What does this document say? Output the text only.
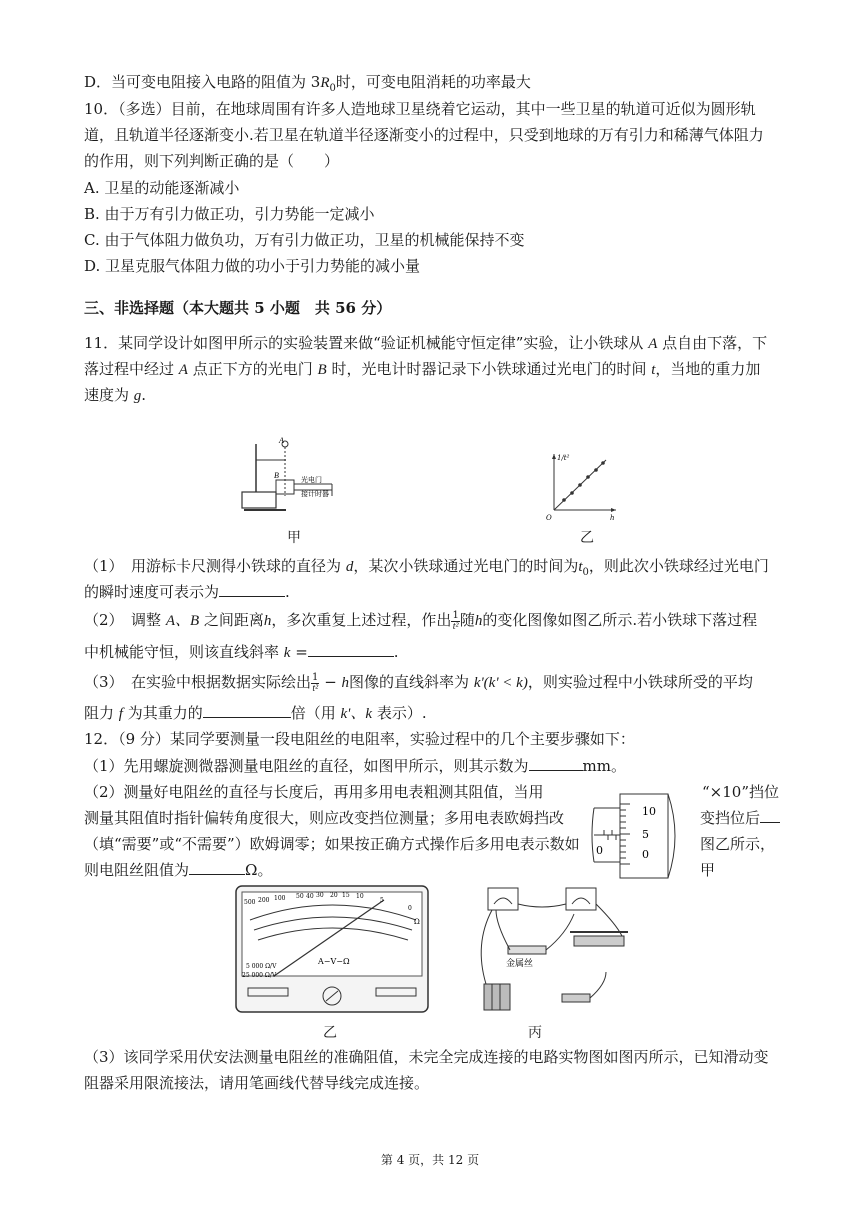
D．当可变电阻接入电路的阻值为 $3R_0$时，可变电阻消耗的功率最大
10．（多选）目前，在地球周围有许多人造地球卫星绕着它运动，其中一些卫星的轨道可近似为圆形轨
道，且轨道半径逐渐变小.若卫星在轨道半径逐渐变小的过程中，只受到地球的万有引力和稀薄气体阻力
的作用，则下列判断正确的是（　　）
A. 卫星的动能逐渐减小
B. 由于万有引力做正功，引力势能一定减小
C. 由于气体阻力做负功，万有引力做正功，卫星的机械能保持不变
D. 卫星克服气体阻力做的功小于引力势能的减小量
三、非选择题（本大题共 5 小题　共 56 分）
11．某同学设计如图甲所示的实验装置来做“验证机械能守恒定律”实验，让小铁球从 A 点自由下落，下
落过程中经过 A 点正下方的光电门 B 时，光电计时器记录下小铁球通过光电门的时间 t，当地的重力加
速度为 g.
A
B	光电门
接计时器
甲
1/t²
h
O
乙
（1）　用游标卡尺测得小铁球的直径为 d，某次小铁球通过光电门的时间为$t_0$，则此次小铁球经过光电门
的瞬时速度可表示为	.
（2）　调整 A、B 之间距离h，多次重复上述过程，作出 $\frac{1}{\text{t²}}$ 随h的变化图像如图乙所示.若小铁球下落过程
中机械能守恒，则该直线斜率 k =	.
（3）　在实验中根据数据实际绘出 $\frac{1}{\text{t²}} - h$图像的直线斜率为 k'(k' < k)，则实验过程中小铁球所受的平均
阻力 f 为其重力的	倍（用 k'、k 表示）.
12．（9 分）某同学要测量一段电阻丝的电阻率，实验过程中的几个主要步骤如下：
（1）先用螺旋测微器测量电阻丝的直径，如图甲所示，则其示数为	mm。
（2）测量好电阻丝的直径与长度后，再用多用电表粗测其阻值，当用
测量其阻值时指针偏转角度很大，则应改变挡位测量；多用电表欧姆挡改
（填“需要”或“不需要”）欧姆调零；如果按正确方式操作后多用电表示数如
则电阻丝阻值为	Ω。
“×10”挡位
变挡位后
图乙所示，
甲
10
5
0
0
500 200 100 50 40 30 20 15 10
5
0
Ω
5 000 Ω/V
25 000 Ω/V
A−V−Ω
乙
金属丝
丙
（3）该同学采用伏安法测量电阻丝的准确阻值，未完全完成连接的电路实物图如图丙所示，已知滑动变
阻器采用限流接法，请用笔画线代替导线完成连接。
第 4 页，共 12 页
